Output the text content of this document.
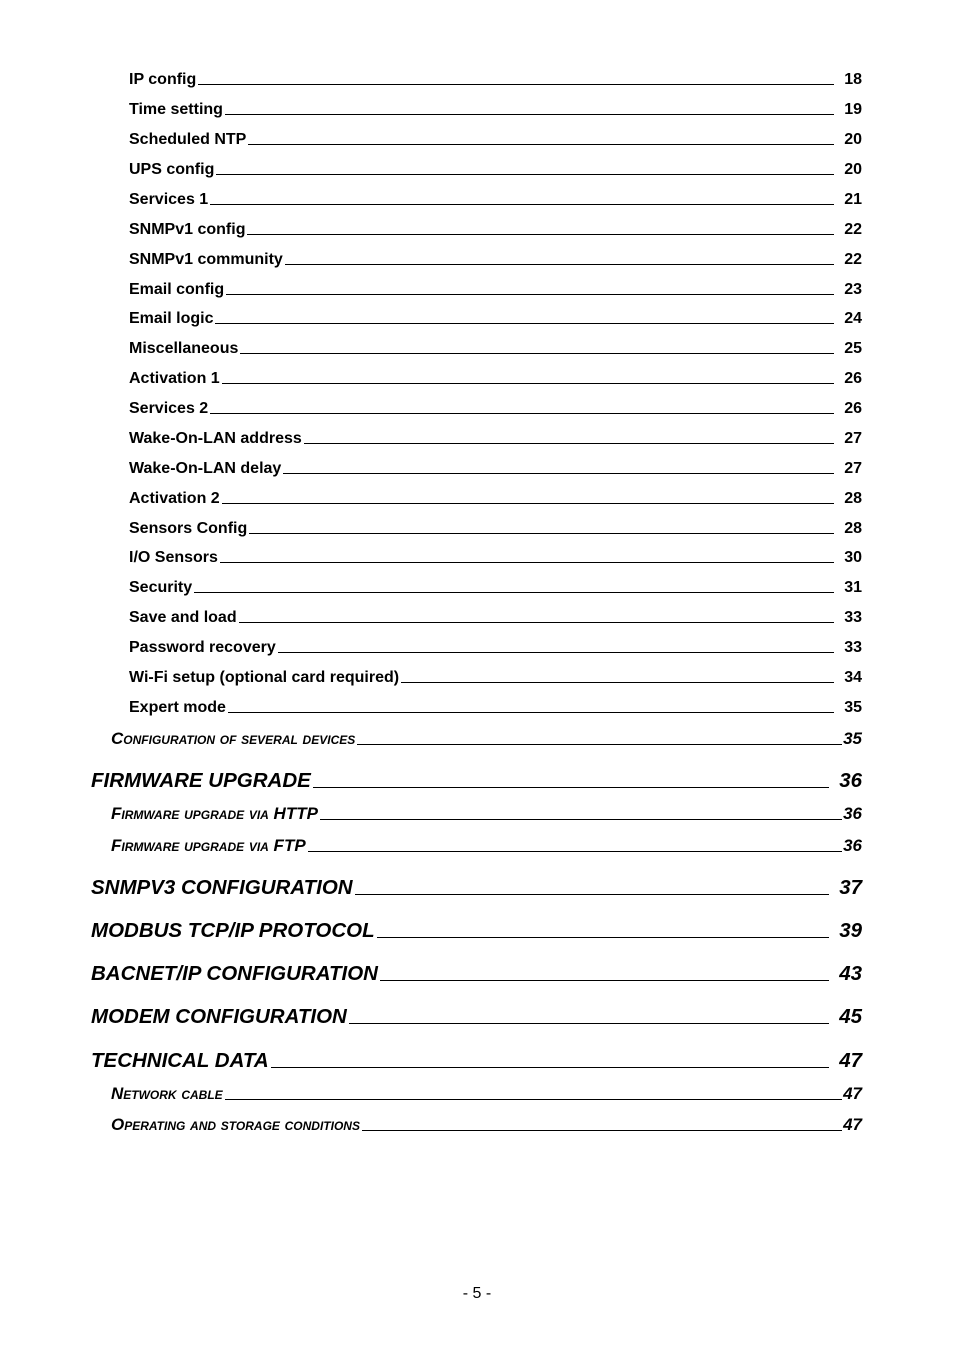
IP config	18
Time setting	19
Scheduled NTP	20
UPS config	20
Services 1	21
SNMPv1 config	22
SNMPv1 community	22
Email config	23
Email logic	24
Miscellaneous	25
Activation 1	26
Services 2	26
Wake-On-LAN address	27
Wake-On-LAN delay	27
Activation 2	28
Sensors Config	28
I/O Sensors	30
Security	31
Save and load	33
Password recovery	33
Wi-Fi setup (optional card required)	34
Expert mode	35
Configuration of several devices	35
FIRMWARE UPGRADE	36
Firmware upgrade via HTTP	36
Firmware upgrade via FTP	36
SNMPV3 CONFIGURATION	37
MODBUS TCP/IP PROTOCOL	39
BACNET/IP CONFIGURATION	43
MODEM CONFIGURATION	45
TECHNICAL DATA	47
Network cable	47
Operating and storage conditions	47
- 5 -
